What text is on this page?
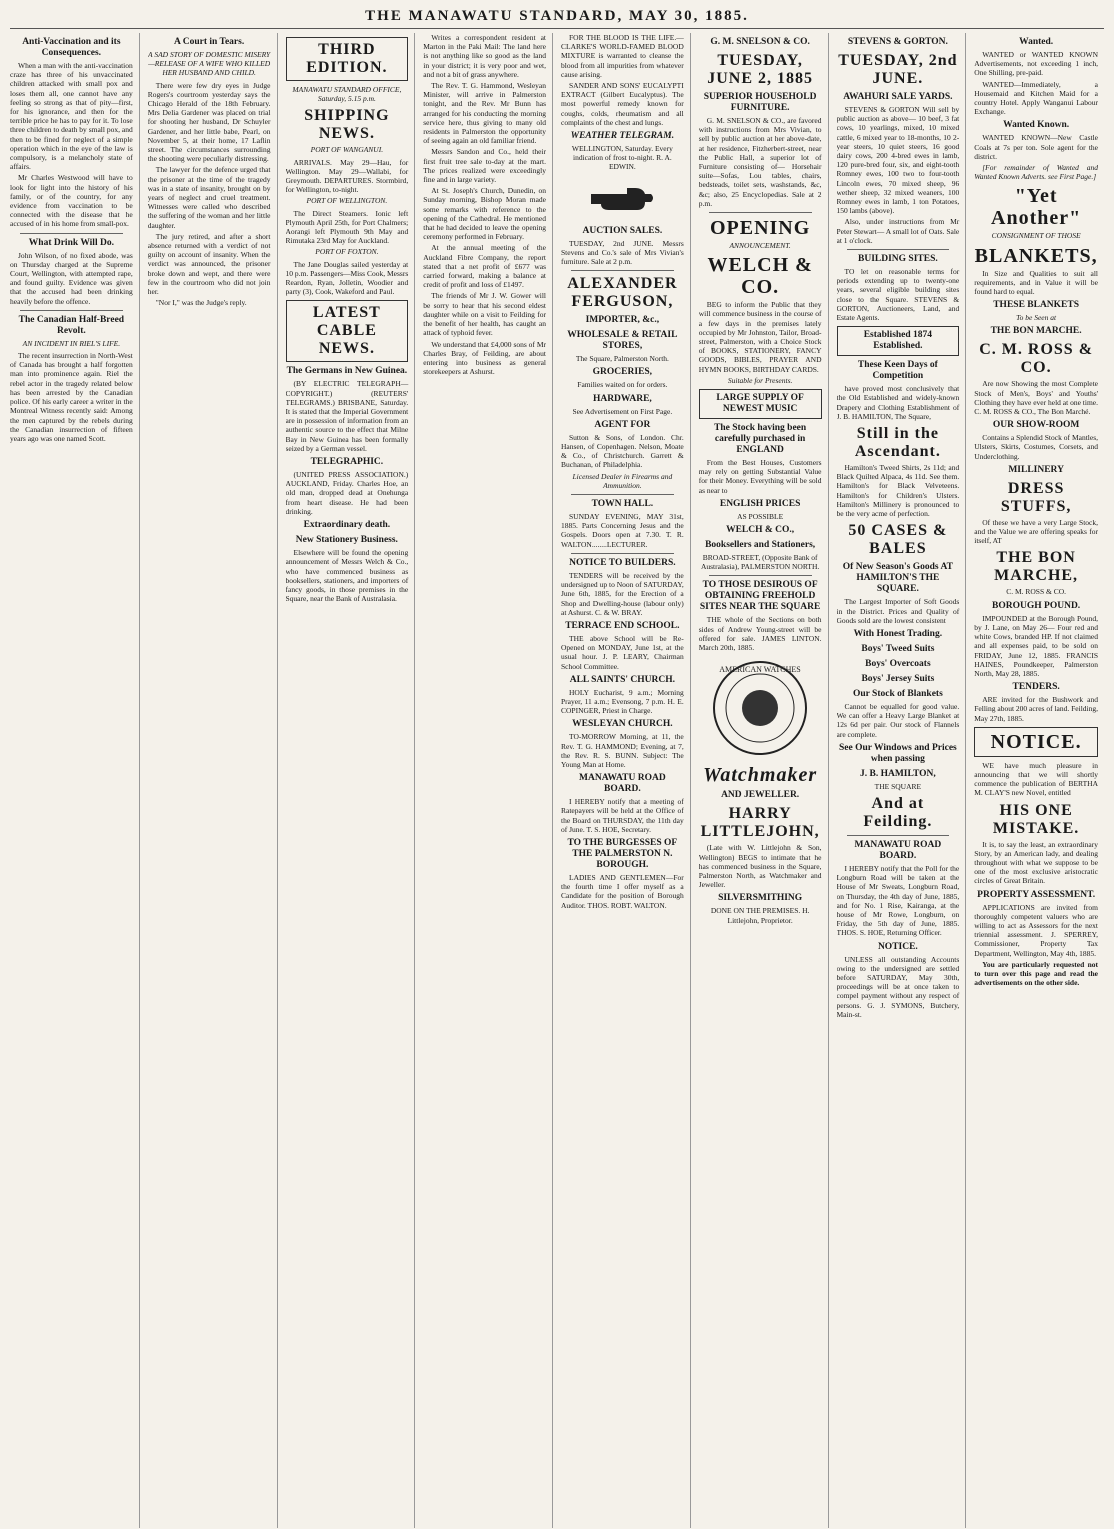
THE MANAWATU STANDARD, MAY 30, 1885.
Anti-Vaccination and its Consequences.

When a man with the anti-vaccination craze has three of his unvaccinated children attacked with small pox and loses them all, one cannot have any feeling so strong as that of pity—first, for his ignorance, and then for the terrible price he has to pay for it. To lose three children to death by small pox, and then to be fined for neglect of a simple operation which in the eye of the law is compulsory, is a melancholy state of affairs.

Mr Charles Westwood will have to look for light into the history of his family, or of the country, for any evidence from vaccination to be connected with the disease that he accused of in his home from small-pox.

What Drink Will Do.

John Wilson, of no fixed abode, was on Thursday charged at the Supreme Court, Wellington, with attempted rape, and found guilty. Evidence was given that the accused had been drinking heavily before the offence.

The Canadian Half-Breed Revolt.
AN INCIDENT IN RIEL'S LIFE.

The recent insurrection in North-West of Canada has brought a half forgotten man into prominence again. Riel the rebel actor in the tragedy related below has been arrested by the Canadian police. Of his early career a writer in the Montreal Witness recently said: Among the men captured by the rebels during the Canadian insurrection of fifteen years ago was one named Scott.

A Court in Tears.
A SAD STORY OF DOMESTIC MISERY—RELEASE OF A WIFE WHO KILLED HER HUSBAND AND CHILD.

There were few dry eyes in Judge Rogers's courtroom yesterday says the Chicago Herald of the 18th February. Mrs Delia Gardener was placed on trial for shooting her husband, Dr Schuyler Gardener, and her little babe, Pearl, on November 5, at their home, 17 Laflin street. The circumstances surrounding the shooting were peculiarly distressing.

The lawyer for the defence urged that the prisoner at the time of the tragedy was in a state of insanity, brought on by years of neglect and cruel treatment. Witnesses were called who described the suffering of the woman and her little daughter.

The jury retired, and after a short absence returned with a verdict of not guilty on account of insanity. When the verdict was announced, the prisoner broke down and wept, and there were few in the courtroom who did not join her.

"Nor I," was the Judge's reply.

THIRD EDITION.
MANAWATU STANDARD OFFICE, Saturday, 5.15 p.m.
SHIPPING NEWS.
PORT OF WANGANUI.

ARRIVALS. May 29—Hau, for Wellington. May 29—Wallabi, for Greymouth. DEPARTURES. Stormbird, for Wellington, to-night.

PORT OF WELLINGTON.

The Direct Steamers. Ionic left Plymouth April 25th, for Port Chalmers; Aorangi left Plymouth 9th May and Rimutaka 23rd May for Auckland.

PORT OF FOXTON.

The Jane Douglas sailed yesterday at 10 p.m. Passengers—Miss Cook, Messrs Reardon, Ryan, Jolletin, Woodier and party (3), Cook, Wakeford and Paul.

LATEST CABLE NEWS.
The Germans in New Guinea.

(BY ELECTRIC TELEGRAPH—COPYRIGHT.) (REUTERS' TELEGRAMS.) BRISBANE, Saturday. It is stated that the Imperial Government are in possession of information from an authentic source to the effect that Milne Bay in New Guinea has been formally seized by a German vessel.

TELEGRAPHIC.

(UNITED PRESS ASSOCIATION.) AUCKLAND, Friday. Charles Hoe, an old man, dropped dead at Onehunga from heart disease. He had been drinking.

Extraordinary death.
New Stationery Business.

Elsewhere will be found the opening announcement of Messrs Welch & Co., who have commenced business as booksellers, stationers, and importers of fancy goods, in those premises in the Square, near the Bank of Australasia.

Writes a correspondent resident at Marton in the Paki Mail: The land here is not anything like so good as the land in your district; it is very poor and wet, and not a bit of grass anywhere.

The Rev. T. G. Hammond, Wesleyan Minister, will arrive in Palmerston tonight, and the Rev. Mr Bunn has arranged for his conducting the morning service here, thus giving to many old residents in Palmerston the opportunity of seeing again an old familiar friend.

Messrs Sandon and Co., held their first fruit tree sale to-day at the mart. The prices realized were exceedingly fine and in large variety.

At St. Joseph's Church, Dunedin, on Sunday morning, Bishop Moran made some remarks with reference to the opening of the Cathedral. He mentioned that he had decided to leave the opening ceremony performed in February.

At the annual meeting of the Auckland Fibre Company, the report stated that a net profit of £677 was carried forward, making a balance at credit of profit and loss of £1497.

The friends of Mr J. W. Gower will be sorry to hear that his second eldest daughter while on a visit to Feilding for the benefit of her health, has caught an attack of typhoid fever.

We understand that £4,000 sons of Mr Charles Bray, of Feilding, are about entering into business as general storekeepers at Ashurst.

FOR THE BLOOD IS THE LIFE.—CLARKE'S WORLD-FAMED BLOOD MIXTURE is warranted to cleanse the blood from all impurities from whatever cause arising.

SANDER AND SONS' EUCALYPTI EXTRACT (Gilbert Eucalyptus). The most powerful remedy known for coughs, colds, rheumatism and all complaints of the chest and lungs.

WEATHER TELEGRAM.

WELLINGTON, Saturday. Every indication of frost to-night. R. A. EDWIN.

AUCTION SALES.

TUESDAY, 2nd JUNE. Messrs Stevens and Co.'s sale of Mrs Vivian's furniture. Sale at 2 p.m.

ALEXANDER FERGUSON,
IMPORTER, &c.,
WHOLESALE & RETAIL STORES,

The Square, Palmerston North.

GROCERIES,

Families waited on for orders.

HARDWARE,

See Advertisement on First Page.

AGENT FOR

Sutton & Sons, of London. Chr. Hansen, of Copenhagen. Nelson, Moate & Co., of Christchurch. Garrett & Buchanan, of Philadelphia.

Licensed Dealer in Firearms and Ammunition.
TOWN HALL.

SUNDAY EVENING, MAY 31st, 1885. Parts Concerning Jesus and the Gospels. Doors open at 7.30. T. R. WALTON........LECTURER.

NOTICE TO BUILDERS.

TENDERS will be received by the undersigned up to Noon of SATURDAY, June 6th, 1885, for the Erection of a Shop and Dwelling-house (labour only) at Ashurst. C. & W. BRAY.

TERRACE END SCHOOL.

THE above School will be Re-Opened on MONDAY, June 1st, at the usual hour. J. P. LEARY, Chairman School Committee.

ALL SAINTS' CHURCH.

HOLY Eucharist, 9 a.m.; Morning Prayer, 11 a.m.; Evensong, 7 p.m. H. E. COPINGER, Priest in Charge.

WESLEYAN CHURCH.

TO-MORROW Morning, at 11, the Rev. T. G. HAMMOND; Evening, at 7, the Rev. R. S. BUNN. Subject: The Young Man at Home.

MANAWATU ROAD BOARD.

I HEREBY notify that a meeting of Ratepayers will be held at the Office of the Board on THURSDAY, the 11th day of June. T. S. HOE, Secretary.

TO THE BURGESSES OF THE PALMERSTON N. BOROUGH.

LADIES AND GENTLEMEN—For the fourth time I offer myself as a Candidate for the position of Borough Auditor. THOS. ROBT. WALTON.

G. M. SNELSON & CO.
TUESDAY, JUNE 2, 1885
SUPERIOR HOUSEHOLD FURNITURE.

G. M. SNELSON & CO., are favored with instructions from Mrs Vivian, to sell by public auction at her above-date, at her residence, Fitzherbert-street, near the Public Hall, a superior lot of Furniture consisting of— Horsehair suite—Sofas, Lou tables, chairs, bedsteads, toilet sets, washstands, &c, &c; also, 25 Encyclopedias. Sale at 2 p.m.

OPENING
ANNOUNCEMENT.
WELCH & CO.

BEG to inform the Public that they will commence business in the course of a few days in the premises lately occupied by Mr Johnston, Tailor, Broad-street, Palmerston, with a Choice Stock of BOOKS, STATIONERY, FANCY GOODS, BIBLES, PRAYER AND HYMN BOOKS, BIRTHDAY CARDS.

Suitable for Presents.
LARGE SUPPLY OF NEWEST MUSIC
The Stock having been carefully purchased in ENGLAND

From the Best Houses, Customers may rely on getting Substantial Value for their Money. Everything will be sold as near to

ENGLISH PRICES

AS POSSIBLE

WELCH & CO.,
Booksellers and Stationers,

BROAD-STREET, (Opposite Bank of Australasia), PALMERSTON NORTH.

TO THOSE DESIROUS OF OBTAINING FREEHOLD SITES NEAR THE SQUARE

THE whole of the Sections on both sides of Andrew Young-street will be offered for sale. JAMES LINTON. March 20th, 1885.

AMERICAN WATCHES
Watchmaker
AND JEWELLER.
HARRY LITTLEJOHN,

(Late with W. Littlejohn & Son, Wellington) BEGS to intimate that he has commenced business in the Square, Palmerston North, as Watchmaker and Jeweller.

SILVERSMITHING

DONE ON THE PREMISES. H. Littlejohn, Proprietor.

STEVENS & GORTON.
TUESDAY, 2nd JUNE.
AWAHURI SALE YARDS.

STEVENS & GORTON Will sell by public auction as above— 10 beef, 3 fat cows, 10 yearlings, mixed, 10 mixed cattle, 6 mixed year to 18-months, 10 2-year steers, 10 quiet steers, 16 good dairy cows, 200 4-bred ewes in lamb, 120 pure-bred four, six, and eight-tooth Romney ewes, 100 two to four-tooth Lincoln ewes, 70 mixed sheep, 96 wether sheep, 32 mixed weaners, 100 Romney ewes in lamb, 1 ton Potatoes, 150 lambs (above).

Also, under instructions from Mr Peter Stewart— A small lot of Oats. Sale at 1 o'clock.

BUILDING SITES.

TO let on reasonable terms for periods extending up to twenty-one years, several eligible building sites close to the Square. STEVENS & GORTON, Auctioneers, Land, and Estate Agents.

Established 1874 Established.
These Keen Days of Competition

have proved most conclusively that the Old Established and widely-known Drapery and Clothing Establishment of J. B. HAMILTON, The Square,

Still in the Ascendant.

Hamilton's Tweed Shirts, 2s 11d; and Black Quilted Alpaca, 4s 11d. See them. Hamilton's for Black Velveteens. Hamilton's for Children's Ulsters. Hamilton's Millinery is pronounced to be the very acme of perfection.

50 CASES & BALES
Of New Season's Goods AT HAMILTON'S THE SQUARE.

The Largest Importer of Soft Goods in the District. Prices and Quality of Goods sold are the lowest consistent

With Honest Trading.
Boys' Tweed Suits
Boys' Overcoats
Boys' Jersey Suits
Our Stock of Blankets

Cannot be equalled for good value. We can offer a Heavy Large Blanket at 12s 6d per pair. Our stock of Flannels are complete.

See Our Windows and Prices when passing
J. B. HAMILTON,

THE SQUARE

And at Feilding.
MANAWATU ROAD BOARD.

I HEREBY notify that the Poll for the Longburn Road will be taken at the House of Mr Sweats, Longburn Road, on Thursday, the 4th day of June, 1885, and for No. 1 Rise, Kairanga, at the house of Mr Rowe, Longburn, on Friday, the 5th day of June, 1885. THOS. S. HOE, Returning Officer.

NOTICE.

UNLESS all outstanding Accounts owing to the undersigned are settled before SATURDAY, May 30th, proceedings will be at once taken to compel payment without any respect of persons. G. J. SYMONS, Butchery, Main-st.

Wanted.

WANTED or WANTED KNOWN Advertisements, not exceeding 1 inch, One Shilling, pre-paid.

WANTED—Immediately, a Housemaid and Kitchen Maid for a country Hotel. Apply Wanganui Labour Exchange.

Wanted Known.

WANTED KNOWN—New Castle Coals at 7s per ton. Sole agent for the district.

[For remainder of Wanted and Wanted Known Adverts. see First Page.]

"Yet Another"
CONSIGNMENT OF THOSE
BLANKETS,

In Size and Qualities to suit all requirements, and in Value it will be found hard to equal.

THESE BLANKETS
To be Seen at
THE BON MARCHE.
C. M. ROSS & CO.

Are now Showing the most Complete Stock of Men's, Boys' and Youths' Clothing they have ever held at one time. C. M. ROSS & CO., The Bon Marché.

OUR SHOW-ROOM

Contains a Splendid Stock of Mantles, Ulsters, Skirts, Costumes, Corsets, and Underclothing.

MILLINERY
DRESS STUFFS,

Of these we have a very Large Stock, and the Value we are offering speaks for itself, AT

THE BON MARCHE,

C. M. ROSS & CO.

BOROUGH POUND.

IMPOUNDED at the Borough Pound, by J. Lane, on May 26— Four red and white Cows, branded HP. If not claimed and all expenses paid, to be sold on FRIDAY, June 12, 1885. FRANCIS HAINES, Poundkeeper, Palmerston North, May 28, 1885.

TENDERS.

ARE invited for the Bushwork and Felling about 200 acres of land. Feilding, May 27th, 1885.

NOTICE.

WE have much pleasure in announcing that we will shortly commence the publication of BERTHA M. CLAY'S new Novel, entitled

HIS ONE MISTAKE.

It is, to say the least, an extraordinary Story, by an American lady, and dealing throughout with what we suppose to be one of the most exclusive aristocratic circles of Great Britain.

PROPERTY ASSESSMENT.

APPLICATIONS are invited from thoroughly competent valuers who are willing to act as Assessors for the next triennial assessment. J. SPERREY, Commissioner, Property Tax Department, Wellington, May 4th, 1885.

You are particularly requested not to turn over this page and read the advertisements on the other side.
